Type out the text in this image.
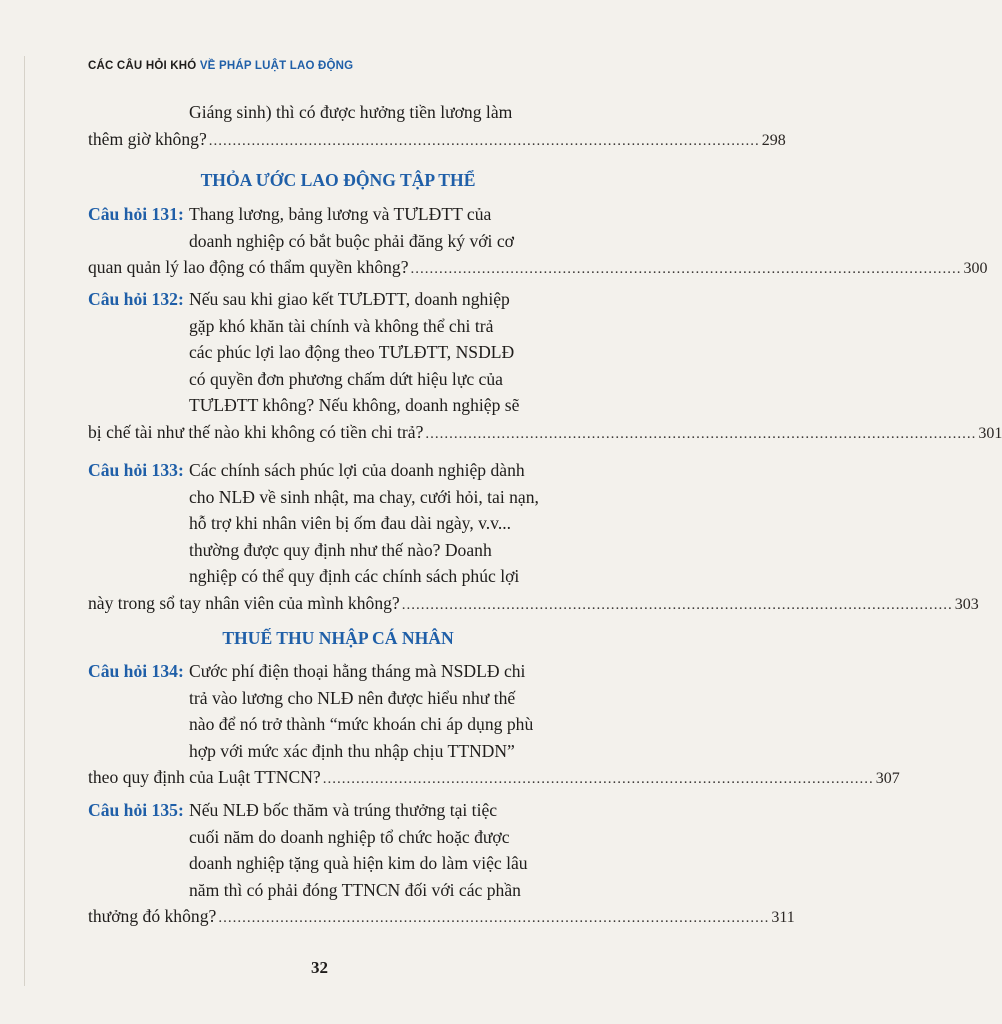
CÁC CÂU HỎI KHÓ VỀ PHÁP LUẬT LAO ĐỘNG
Giáng sinh) thì có được hưởng tiền lương làm
thêm giờ không? .................................................................................................................... 298
THỎA ƯỚC LAO ĐỘNG TẬP THỂ
Câu hỏi 131: Thang lương, bảng lương và TƯLĐTT của
doanh nghiệp có bắt buộc phải đăng ký với cơ
quan quản lý lao động có thẩm quyền không? .................................................................................................................... 300
Câu hỏi 132: Nếu sau khi giao kết TƯLĐTT, doanh nghiệp
gặp khó khăn tài chính và không thể chi trả
các phúc lợi lao động theo TƯLĐTT, NSDLĐ
có quyền đơn phương chấm dứt hiệu lực của
TƯLĐTT không? Nếu không, doanh nghiệp sẽ
bị chế tài như thế nào khi không có tiền chi trả? .................................................................................................................... 301
Câu hỏi 133: Các chính sách phúc lợi của doanh nghiệp dành
cho NLĐ về sinh nhật, ma chay, cưới hỏi, tai nạn,
hỗ trợ khi nhân viên bị ốm đau dài ngày, v.v...
thường được quy định như thế nào? Doanh
nghiệp có thể quy định các chính sách phúc lợi
này trong sổ tay nhân viên của mình không? .................................................................................................................... 303
THUẾ THU NHẬP CÁ NHÂN
Câu hỏi 134: Cước phí điện thoại hằng tháng mà NSDLĐ chi
trả vào lương cho NLĐ nên được hiểu như thế
nào để nó trở thành “mức khoán chi áp dụng phù
hợp với mức xác định thu nhập chịu TTNDN”
theo quy định của Luật TTNCN? .................................................................................................................... 307
Câu hỏi 135: Nếu NLĐ bốc thăm và trúng thưởng tại tiệc
cuối năm do doanh nghiệp tổ chức hoặc được
doanh nghiệp tặng quà hiện kim do làm việc lâu
năm thì có phải đóng TTNCN đối với các phần
thưởng đó không? .................................................................................................................... 311
32
